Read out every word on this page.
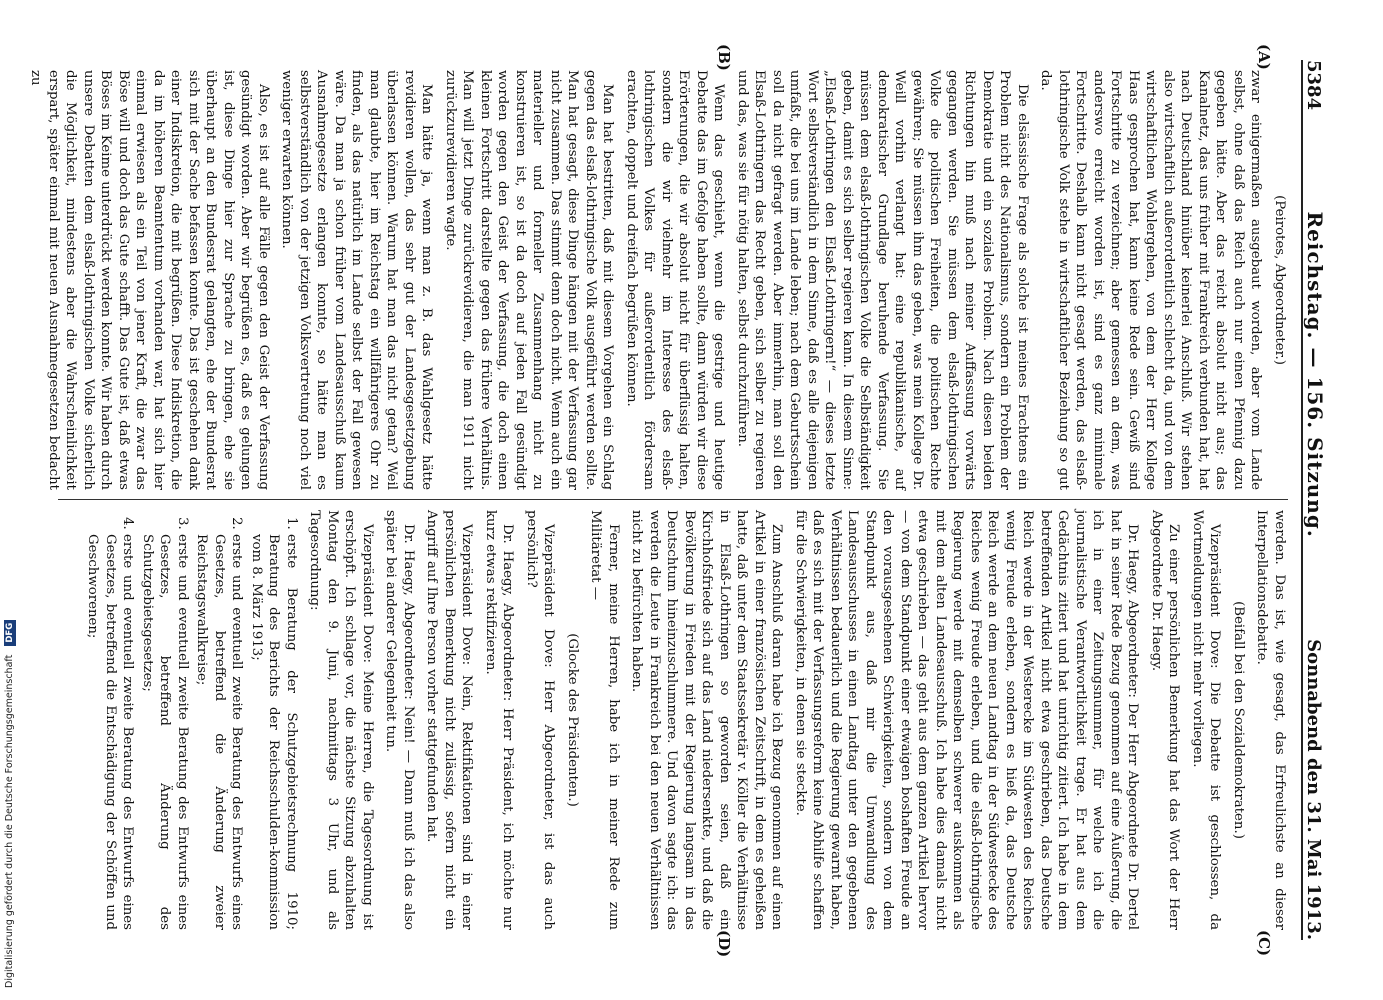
5384
Reichstag. — 156. Sitzung.
Sonnabend den 31. Mai 1913.
(A)
(B)
(C)
(D)

(Peirotes, Abgeordneter.)

zwar einigermaßen ausgebaut worden, aber vom Lande selbst, ohne daß das Reich auch nur einen Pfennig dazu gegeben hätte. Aber das reicht absolut nicht aus; das Kanalnetz, das uns früher mit Frankreich verbunden hat, hat nach Deutschland hinüber keinerlei Anschluß. Wir stehen also wirtschaftlich außerordentlich schlecht da, und von dem wirtschaftlichen Wohlergehen, von dem der Herr Kollege Haas gesprochen hat, kann keine Rede sein. Gewiß sind Fortschritte zu verzeichnen; aber gemessen an dem, was anderswo erreicht worden ist, sind es ganz minimale Fortschritte. Deshalb kann nicht gesagt werden, das elsaß-lothringische Volk stehe in wirtschaftlicher Beziehung so gut da.

Die elsässische Frage als solche ist meines Erachtens ein Problem nicht des Nationalismus, sondern ein Problem der Demokratie und ein soziales Problem. Nach diesen beiden Richtungen hin muß nach meiner Auffassung vorwärts gegangen werden. Sie müssen dem elsaß-lothringischen Volke die politischen Freiheiten, die politischen Rechte gewähren; Sie müssen ihm das geben, was mein Kollege Dr. Weill vorhin verlangt hat: eine republikanische, auf demokratischer Grundlage beruhende Verfassung. Sie müssen dem elsaß-lothringischen Volke die Selbständigkeit geben, damit es sich selber regieren kann. In diesem Sinne: „Elsaß-Lothringen den Elsaß-Lothringern!“ — dieses letzte Wort selbstverständlich in dem Sinne, daß es alle diejenigen umfaßt, die bei uns im Lande leben; nach dem Geburtsschein soll da nicht gefragt werden. Aber immerhin, man soll den Elsaß-Lothringern das Recht geben, sich selber zu regieren und das, was sie für nötig halten, selbst durchzuführen.

Wenn das geschieht, wenn die gestrige und heutige Debatte das im Gefolge haben sollte, dann würden wir diese Erörterungen, die wir absolut nicht für überflüssig halten, sondern die wir vielmehr im Interesse des elsaß-lothringischen Volkes für außerordentlich fördersam erachten, doppelt und dreifach begrüßen können.

Man hat bestritten, daß mit diesem Vorgehen ein Schlag gegen das elsaß-lothringische Volk ausgeführt werden sollte. Man hat gesagt, diese Dinge hängen mit der Verfassung gar nicht zusammen. Das stimmt denn doch nicht. Wenn auch ein materieller und formeller Zusammenhang nicht zu konstruieren ist, so ist da doch auf jeden Fall gesündigt worden gegen den Geist der Verfassung, die doch einen kleinen Fortschritt darstellte gegen das frühere Verhältnis. Man will jetzt Dinge zurückrevidieren, die man 1911 nicht zurückzurevidieren wagte.

Man hätte ja, wenn man z. B. das Wahlgesetz hätte revidieren wollen, das sehr gut der Landesgesetzgebung überlassen können. Warum hat man das nicht getan? Weil man glaubte, hier im Reichstag ein willfährigeres Ohr zu finden, als das natürlich im Lande selbst der Fall gewesen wäre. Da man ja schon früher vom Landesausschuß kaum Ausnahmegesetze erlangen konnte, so hätte man es selbstverständlich von der jetzigen Volksvertretung noch viel weniger erwarten können.

Also, es ist auf alle Fälle gegen den Geist der Verfassung gesündigt worden. Aber wir begrüßen es, daß es gelungen ist, diese Dinge hier zur Sprache zu bringen, ehe sie überhaupt an den Bundesrat gelangten, ehe der Bundesrat sich mit der Sache befassen konnte. Das ist geschehen dank einer Indiskretion, die mit begrüßen. Diese Indiskretion, die da im höheren Beamtentum vorhanden war, hat sich hier einmal erwiesen als ein Teil von jener Kraft, die zwar das Böse will und doch das Gute schafft. Das Gute ist, daß etwas Böses im Keime unterdrückt werden konnte. Wir haben durch unsere Debatten dem elsaß-lothringischen Volke sicherlich die Möglichkeit, mindestens aber die Wahrscheinlichkeit erspart, später einmal mit neuen Ausnahmegesetzen bedacht zu

werden. Das ist, wie gesagt, das Erfreulichste an dieser Interpellationsdebatte.

(Beifall bei den Sozialdemokraten.)

Vizepräsident Dove: Die Debatte ist geschlossen, da Wortmeldungen nicht mehr vorliegen.

Zu einer persönlichen Bemerkung hat das Wort der Herr Abgeordnete Dr. Haegy.

Dr. Haegy, Abgeordneter: Der Herr Abgeordnete Dr. Dertel hat in seiner Rede Bezug genommen auf eine Äußerung, die ich in einer Zeitungsnummer, für welche ich die journalistische Verantwortlichkeit trage. Er hat aus dem Gedächtnis zitiert und hat unrichtig zitiert. Ich habe in dem betreffenden Artikel nicht etwa geschrieben, das Deutsche Reich werde in der Westerecke im Südwesten des Reiches wenig Freude erleben, sondern es hieß da, das Deutsche Reich werde an dem neuen Landtag in der Südwestecke des Reiches wenig Freude erleben, und die elsaß-lothringische Regierung werde mit demselben schwerer auskommen als mit dem alten Landesausschuß. Ich habe dies damals nicht etwa geschrieben — das geht aus dem ganzen Artikel hervor — von dem Standpunkt einer etwaigen boshaften Freude an den vorausgesehenen Schwierigkeiten, sondern von dem Standpunkt aus, daß mir die Umwandlung des Landesausschusses in einen Landtag unter den gegebenen Verhältnissen bedauerlich und die Regierung gewarnt haben, daß es sich mit der Verfassungsreform keine Abhilfe schaffen für die Schwierigkeiten, in denen sie steckte.

Zum Anschluß daran habe ich Bezug genommen auf einen Artikel in einer französischen Zeitschrift, in dem es geheißen hatte, daß unter dem Staatssekretär v. Köller die Verhältnisse in Elsaß-Lothringen so geworden seien, daß ein Kirchhofsfriede sich auf das Land niedersenkte, und daß die Bevölkerung in Frieden mit der Regierung langsam in das Deutschtum hineinzuschlummere. Und davon sagte ich: das werden die Leute in Frankreich bei den neuen Verhältnissen nicht zu befürchten haben.

Ferner, meine Herren, habe ich in meiner Rede zum Militäretat —

(Glocke des Präsidenten.)

Vizepräsident Dove: Herr Abgeordneter, ist das auch persönlich?

Dr. Haegy, Abgeordneter: Herr Präsident, ich möchte nur kurz etwas rektifizieren.

Vizepräsident Dove: Nein, Rektifikationen sind in einer persönlichen Bemerkung nicht zulässig, sofern nicht ein Angriff auf Ihre Person vorher stattgefunden hat.

Dr. Haegy, Abgeordneter: Nein! — Dann muß ich das also später bei anderer Gelegenheit tun.

Vizepräsident Dove: Meine Herren, die Tagesordnung ist erschöpft. Ich schlage vor, die nächste Sitzung abzuhalten Montag den 9. Juni, nachmittags 3 Uhr, und als Tagesordnung:

1. erste Beratung der Schutzgebietsrechnung 1910; Beratung des Berichts der Reichsschulden-kommission vom 8. März 1913;
2. erste und eventuell zweite Beratung des Entwurfs eines Gesetzes, betreffend die Änderung zweier Reichstagswahlkreise;
3. erste und eventuell zweite Beratung des Entwurfs eines Gesetzes, betreffend Änderung des Schutzgebietsgesetzes;
4. erste und eventuell zweite Beratung des Entwurfs eines Gesetzes, betreffend die Entschädigung der Schöffen und Geschworenen;
Digitalisierung gefördert durch die Deutsche Forschungsgemeinschaft DFG
